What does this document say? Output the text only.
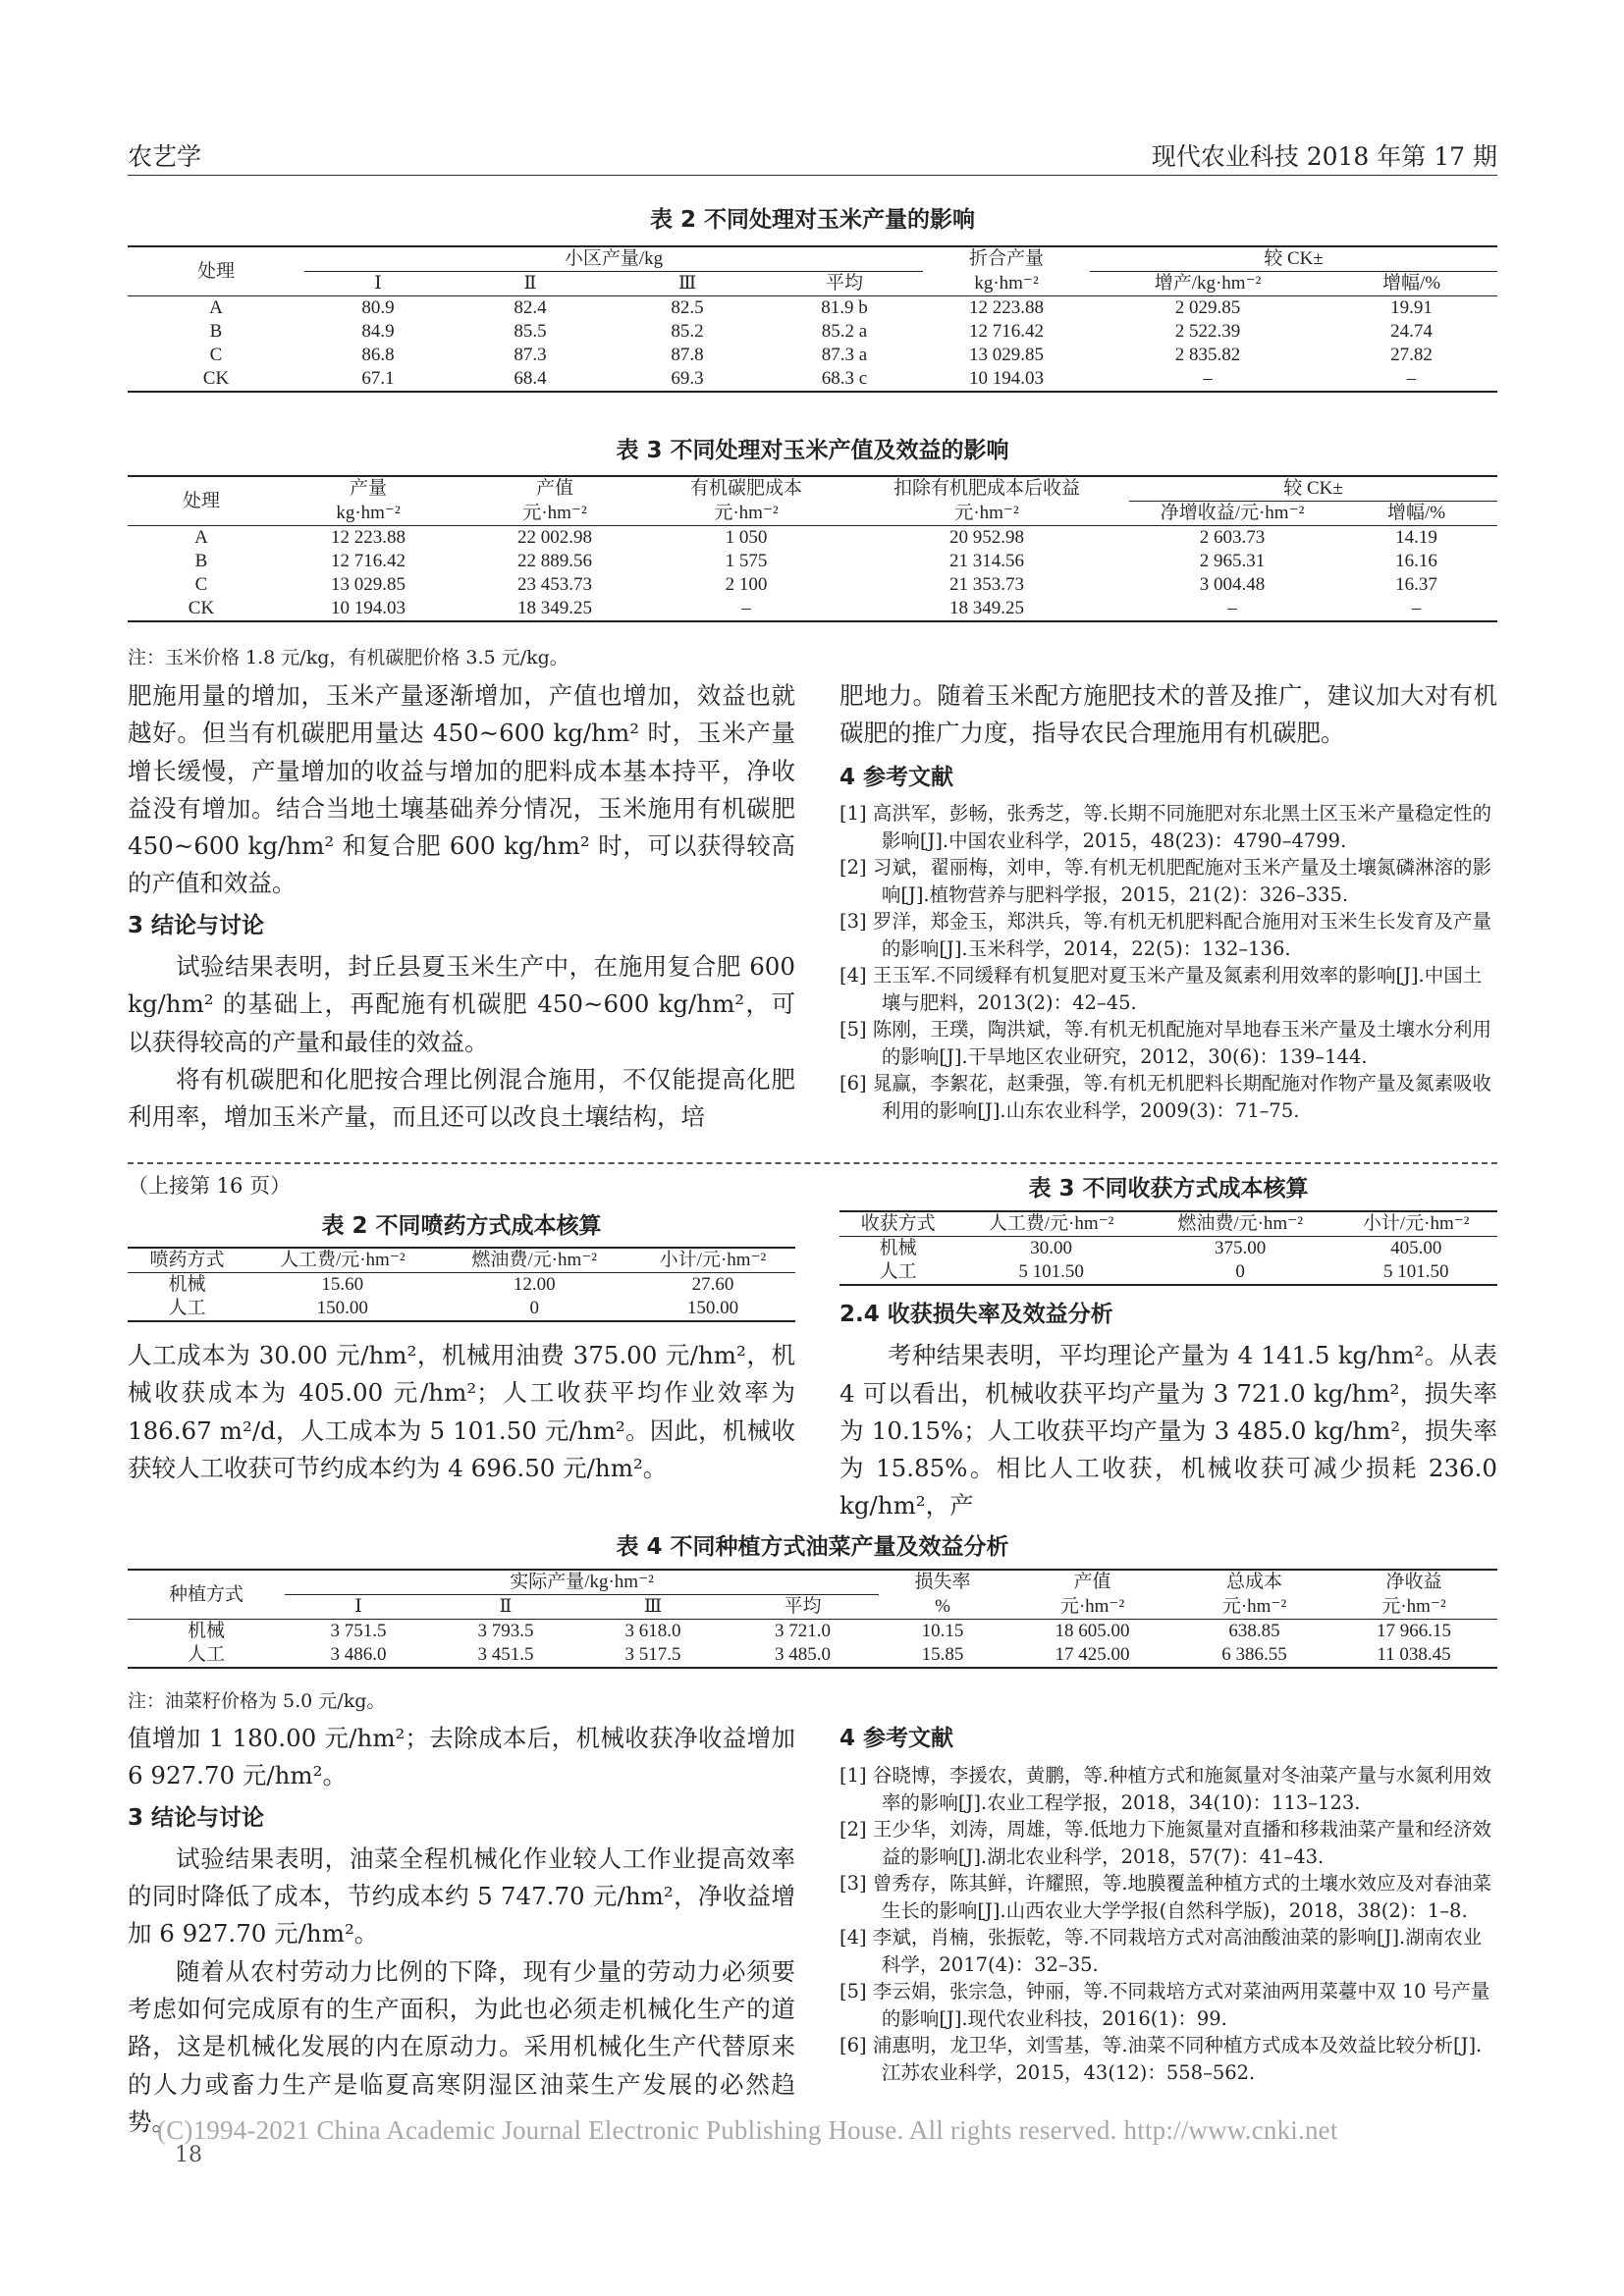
农艺学	现代农业科技 2018 年第 17 期
表 2 不同处理对玉米产量的影响
处理	小区产量/kg				折合产量	较 CK±	
	Ⅰ	Ⅱ	Ⅲ	平均	kg·hm⁻²	增产/kg·hm⁻²	增幅/%
A	80.9	82.4	82.5	81.9 b	12 223.88	2 029.85	19.91
B	84.9	85.5	85.2	85.2 a	12 716.42	2 522.39	24.74
C	86.8	87.3	87.8	87.3 a	13 029.85	2 835.82	27.82
CK	67.1	68.4	69.3	68.3 c	10 194.03	–	–
表 3 不同处理对玉米产值及效益的影响
处理	产量	产值	有机碳肥成本	扣除有机肥成本后收益	较 CK±	
	kg·hm⁻²	元·hm⁻²	元·hm⁻²	元·hm⁻²	净增收益/元·hm⁻²	增幅/%
A	12 223.88	22 002.98	1 050	20 952.98	2 603.73	14.19
B	12 716.42	22 889.56	1 575	21 314.56	2 965.31	16.16
C	13 029.85	23 453.73	2 100	21 353.73	3 004.48	16.37
CK	10 194.03	18 349.25	–	18 349.25	–	–
注：玉米价格 1.8 元/kg，有机碳肥价格 3.5 元/kg。

肥施用量的增加，玉米产量逐渐增加，产值也增加，效益也就越好。但当有机碳肥用量达 450~600 kg/hm² 时，玉米产量增长缓慢，产量增加的收益与增加的肥料成本基本持平，净收益没有增加。结合当地土壤基础养分情况，玉米施用有机碳肥 450~600 kg/hm² 和复合肥 600 kg/hm² 时，可以获得较高的产值和效益。

3 结论与讨论

试验结果表明，封丘县夏玉米生产中，在施用复合肥 600 kg/hm² 的基础上，再配施有机碳肥 450~600 kg/hm²，可以获得较高的产量和最佳的效益。

将有机碳肥和化肥按合理比例混合施用，不仅能提高化肥利用率，增加玉米产量，而且还可以改良土壤结构，培

肥地力。随着玉米配方施肥技术的普及推广，建议加大对有机碳肥的推广力度，指导农民合理施用有机碳肥。

4 参考文献
[1] 高洪军，彭畅，张秀芝，等.长期不同施肥对东北黑土区玉米产量稳定性的影响[J].中国农业科学，2015，48(23)：4790–4799.
[2] 习斌，翟丽梅，刘申，等.有机无机肥配施对玉米产量及土壤氮磷淋溶的影响[J].植物营养与肥料学报，2015，21(2)：326–335.
[3] 罗洋，郑金玉，郑洪兵，等.有机无机肥料配合施用对玉米生长发育及产量的影响[J].玉米科学，2014，22(5)：132–136.
[4] 王玉军.不同缓释有机复肥对夏玉米产量及氮素利用效率的影响[J].中国土壤与肥料，2013(2)：42–45.
[5] 陈刚，王璞，陶洪斌，等.有机无机配施对旱地春玉米产量及土壤水分利用的影响[J].干旱地区农业研究，2012，30(6)：139–144.
[6] 晁赢，李絮花，赵秉强，等.有机无机肥料长期配施对作物产量及氮素吸收利用的影响[J].山东农业科学，2009(3)：71–75.
（上接第 16 页）
表 2 不同喷药方式成本核算
喷药方式	人工费/元·hm⁻²	燃油费/元·hm⁻²	小计/元·hm⁻²
机械	15.60	12.00	27.60
人工	150.00	0	150.00
表 3 不同收获方式成本核算
收获方式	人工费/元·hm⁻²	燃油费/元·hm⁻²	小计/元·hm⁻²
机械	30.00	375.00	405.00
人工	5 101.50	0	5 101.50

人工成本为 30.00 元/hm²，机械用油费 375.00 元/hm²，机械收获成本为 405.00 元/hm²；人工收获平均作业效率为 186.67 m²/d，人工成本为 5 101.50 元/hm²。因此，机械收获较人工收获可节约成本约为 4 696.50 元/hm²。

2.4 收获损失率及效益分析

考种结果表明，平均理论产量为 4 141.5 kg/hm²。从表 4 可以看出，机械收获平均产量为 3 721.0 kg/hm²，损失率为 10.15%；人工收获平均产量为 3 485.0 kg/hm²，损失率为 15.85%。相比人工收获，机械收获可减少损耗 236.0 kg/hm²，产

表 4 不同种植方式油菜产量及效益分析
种植方式	实际产量/kg·hm⁻²				损失率	产值	总成本	净收益
	Ⅰ	Ⅱ	Ⅲ	平均	%	元·hm⁻²	元·hm⁻²	元·hm⁻²
机械	3 751.5	3 793.5	3 618.0	3 721.0	10.15	18 605.00	638.85	17 966.15
人工	3 486.0	3 451.5	3 517.5	3 485.0	15.85	17 425.00	6 386.55	11 038.45
注：油菜籽价格为 5.0 元/kg。

值增加 1 180.00 元/hm²；去除成本后，机械收获净收益增加 6 927.70 元/hm²。

3 结论与讨论

试验结果表明，油菜全程机械化作业较人工作业提高效率的同时降低了成本，节约成本约 5 747.70 元/hm²，净收益增加 6 927.70 元/hm²。

随着从农村劳动力比例的下降，现有少量的劳动力必须要考虑如何完成原有的生产面积，为此也必须走机械化生产的道路，这是机械化发展的内在原动力。采用机械化生产代替原来的人力或畜力生产是临夏高寒阴湿区油菜生产发展的必然趋势。

4 参考文献
[1] 谷晓博，李援农，黄鹏，等.种植方式和施氮量对冬油菜产量与水氮利用效率的影响[J].农业工程学报，2018，34(10)：113–123.
[2] 王少华，刘涛，周雄，等.低地力下施氮量对直播和移栽油菜产量和经济效益的影响[J].湖北农业科学，2018，57(7)：41–43.
[3] 曾秀存，陈其鲜，许耀照，等.地膜覆盖种植方式的土壤水效应及对春油菜生长的影响[J].山西农业大学学报(自然科学版)，2018，38(2)：1–8.
[4] 李斌，肖楠，张振乾，等.不同栽培方式对高油酸油菜的影响[J].湖南农业科学，2017(4)：32–35.
[5] 李云娟，张宗急，钟丽，等.不同栽培方式对菜油两用菜薹中双 10 号产量的影响[J].现代农业科技，2016(1)：99.
[6] 浦惠明，龙卫华，刘雪基，等.油菜不同种植方式成本及效益比较分析[J].江苏农业科学，2015，43(12)：558–562.
(C)1994-2021 China Academic Journal Electronic Publishing House. All rights reserved. http://www.cnki.net
18
